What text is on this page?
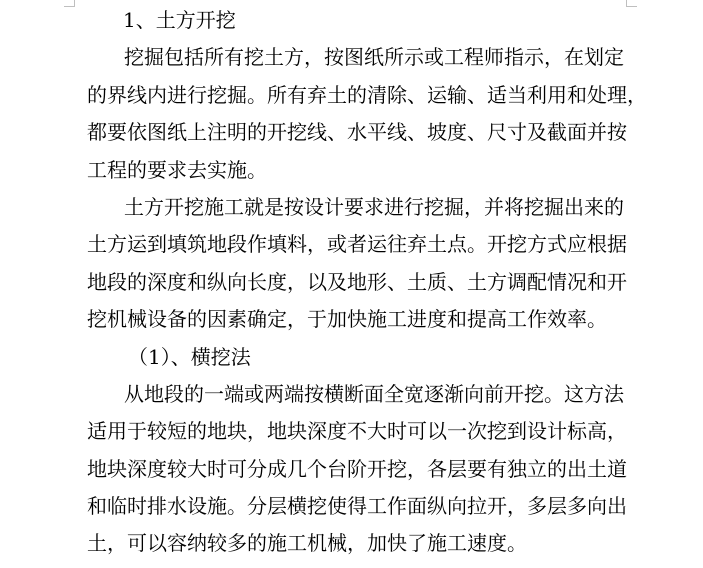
1、土方开挖
挖掘包括所有挖土方，按图纸所示或工程师指示，在划定
的界线内进行挖掘。所有弃土的清除、运输、适当利用和处理，
都要依图纸上注明的开挖线、水平线、坡度、尺寸及截面并按
工程的要求去实施。
土方开挖施工就是按设计要求进行挖掘，并将挖掘出来的
土方运到填筑地段作填料，或者运往弃土点。开挖方式应根据
地段的深度和纵向长度，以及地形、土质、土方调配情况和开
挖机械设备的因素确定，于加快施工进度和提高工作效率。
（1）、横挖法
从地段的一端或两端按横断面全宽逐渐向前开挖。这方法
适用于较短的地块，地块深度不大时可以一次挖到设计标高，
地块深度较大时可分成几个台阶开挖，各层要有独立的出土道
和临时排水设施。分层横挖使得工作面纵向拉开，多层多向出
土，可以容纳较多的施工机械，加快了施工速度。
